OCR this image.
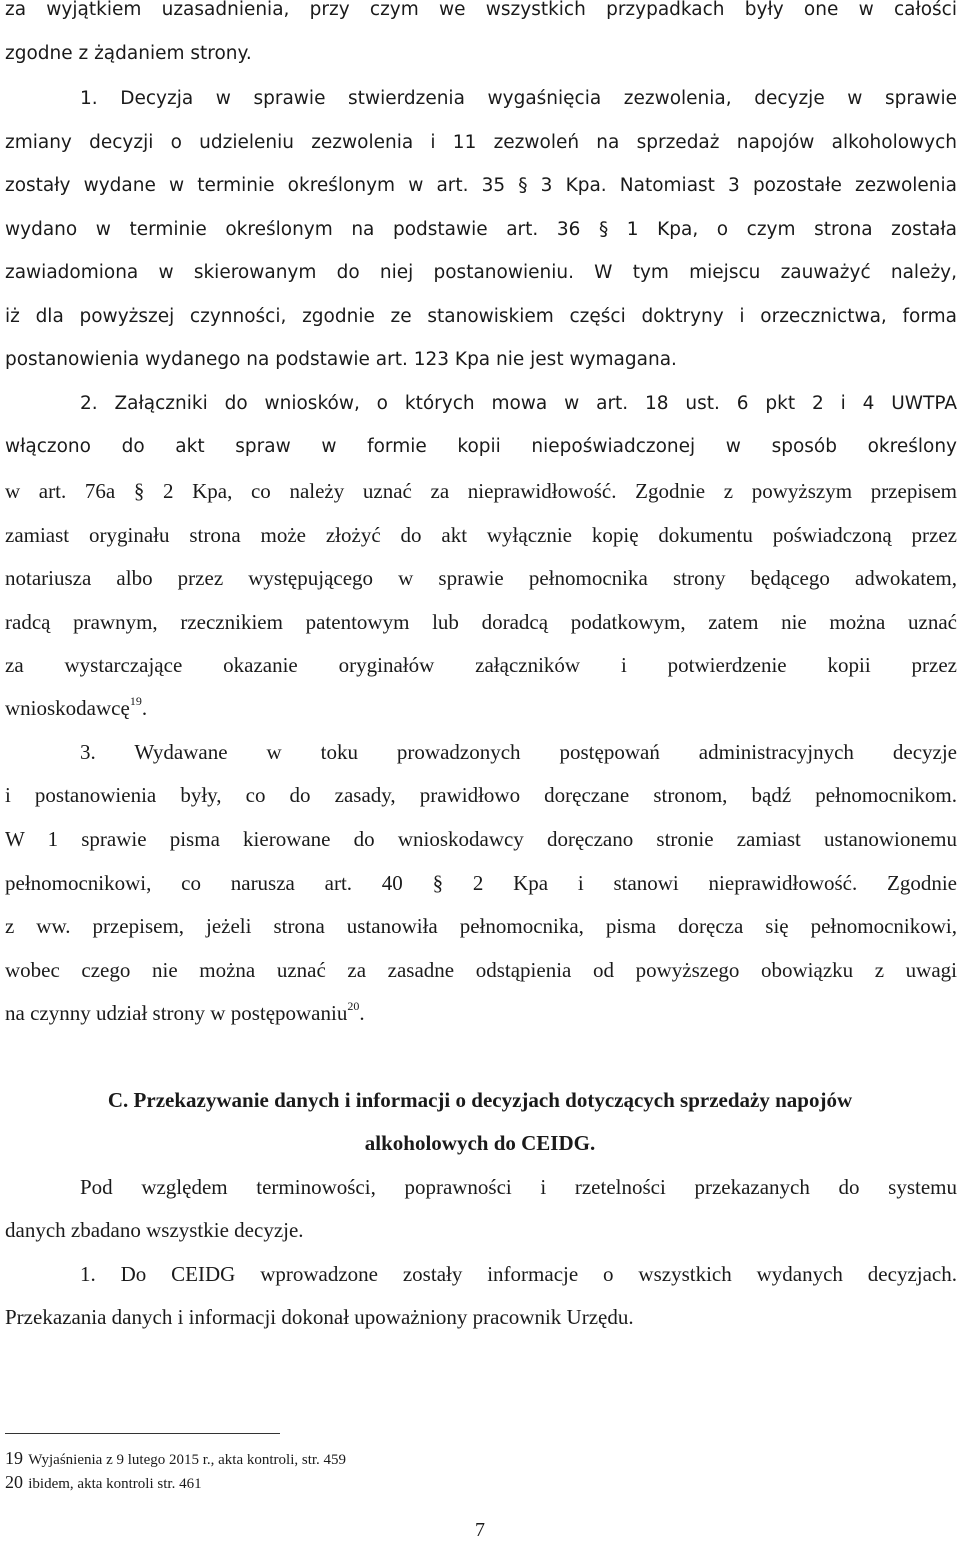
za wyjątkiem uzasadnienia, przy czym we wszystkich przypadkach były one w całości
zgodne z żądaniem strony.
1. Decyzja w sprawie stwierdzenia wygaśnięcia zezwolenia, decyzje w sprawie
zmiany decyzji o udzieleniu zezwolenia i 11 zezwoleń na sprzedaż napojów alkoholowych
zostały wydane w terminie określonym w art. 35 § 3 Kpa. Natomiast 3 pozostałe zezwolenia
wydano w terminie określonym na podstawie art. 36 § 1 Kpa, o czym strona została
zawiadomiona w skierowanym do niej postanowieniu. W tym miejscu zauważyć należy,
iż dla powyższej czynności, zgodnie ze stanowiskiem części doktryny i orzecznictwa, forma
postanowienia wydanego na podstawie art. 123 Kpa nie jest wymagana.
2. Załączniki do wniosków, o których mowa w art. 18 ust. 6 pkt 2 i 4 UWTPA
włączono do akt spraw w formie kopii niepoświadczonej w sposób określony
w art. 76a § 2 Kpa, co należy uznać za nieprawidłowość. Zgodnie z powyższym przepisem
zamiast oryginału strona może złożyć do akt wyłącznie kopię dokumentu poświadczoną przez
notariusza albo przez występującego w sprawie pełnomocnika strony będącego adwokatem,
radcą prawnym, rzecznikiem patentowym lub doradcą podatkowym, zatem nie można uznać
za wystarczające okazanie oryginałów załączników i potwierdzenie kopii przez
wnioskodawcę$^{19}$.
3. Wydawane w toku prowadzonych postępowań administracyjnych decyzje
i postanowienia były, co do zasady, prawidłowo doręczane stronom, bądź pełnomocnikom.
W 1 sprawie pisma kierowane do wnioskodawcy doręczano stronie zamiast ustanowionemu
pełnomocnikowi, co narusza art. 40 § 2 Kpa i stanowi nieprawidłowość. Zgodnie
z ww. przepisem, jeżeli strona ustanowiła pełnomocnika, pisma doręcza się pełnomocnikowi,
wobec czego nie można uznać za zasadne odstąpienia od powyższego obowiązku z uwagi
na czynny udział strony w postępowaniu$^{20}$.
C. Przekazywanie danych i informacji o decyzjach dotyczących sprzedaży napojów
alkoholowych do CEIDG.
Pod względem terminowości, poprawności i rzetelności przekazanych do systemu
danych zbadano wszystkie decyzje.
1. Do CEIDG wprowadzone zostały informacje o wszystkich wydanych decyzjach.
Przekazania danych i informacji dokonał upoważniony pracownik Urzędu.
19 Wyjaśnienia z 9 lutego 2015 r., akta kontroli, str. 459
20 ibidem, akta kontroli str. 461
7
